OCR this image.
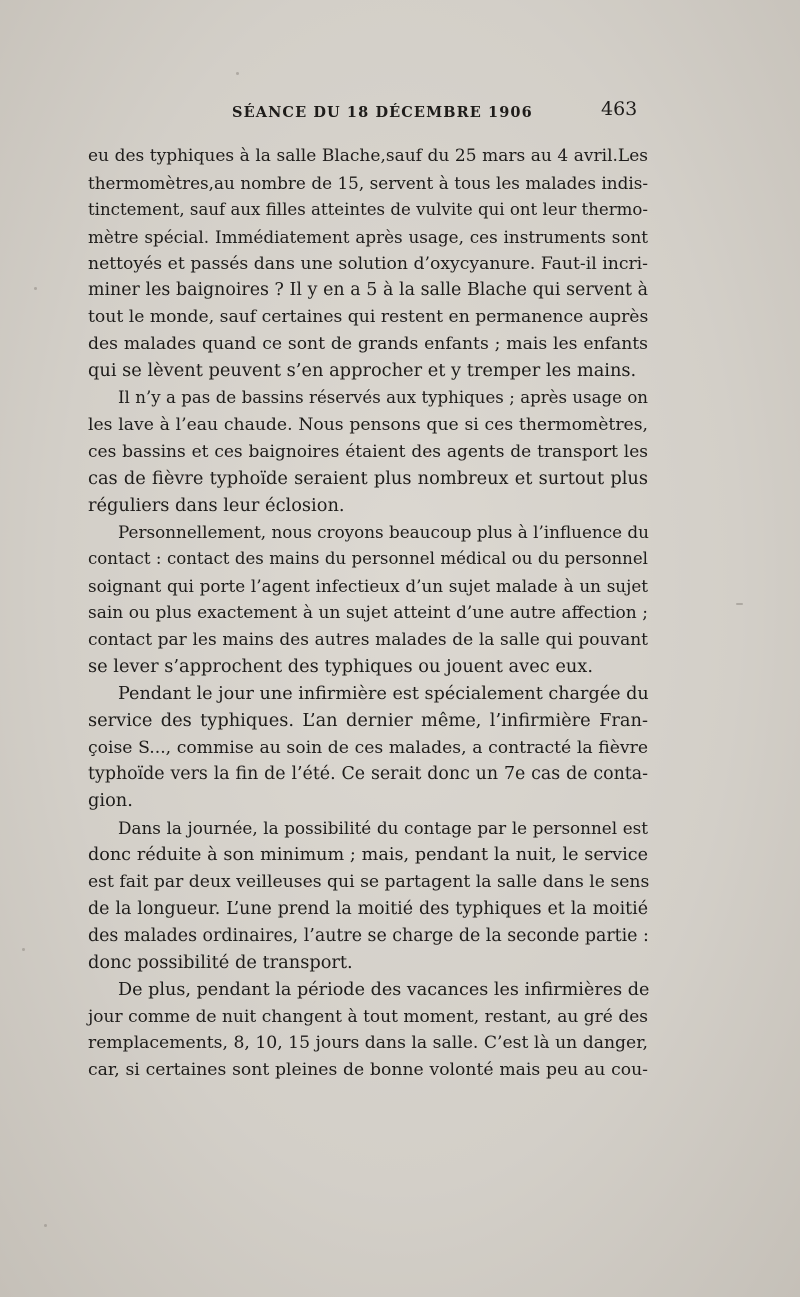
SÉANCE DU 18 DÉCEMBRE 1906	463
eu des typhiques à la salle Blache,sauf du 25 mars au 4 avril.Les
thermomètres,au nombre de 15, servent à tous les malades indis-
tinctement, sauf aux filles atteintes de vulvite qui ont leur thermo-
mètre spécial. Immédiatement après usage, ces instruments sont
nettoyés et passés dans une solution d’oxycyanure. Faut-il incri-
miner les baignoires ? Il y en a 5 à la salle Blache qui servent à
tout le monde, sauf certaines qui restent en permanence auprès
des malades quand ce sont de grands enfants ; mais les enfants
qui se lèvent peuvent s’en approcher et y tremper les mains.
Il n’y a pas de bassins réservés aux typhiques ; après usage on
les lave à l’eau chaude. Nous pensons que si ces thermomètres,
ces bassins et ces baignoires étaient des agents de transport les
cas de fièvre typhoïde seraient plus nombreux et surtout plus
réguliers dans leur éclosion.
Personnellement, nous croyons beaucoup plus à l’influence du
contact : contact des mains du personnel médical ou du personnel
soignant qui porte l’agent infectieux d’un sujet malade à un sujet
sain ou plus exactement à un sujet atteint d’une autre affection ;
contact par les mains des autres malades de la salle qui pouvant
se lever s’approchent des typhiques ou jouent avec eux.
Pendant le jour une infirmière est spécialement chargée du
service des typhiques. L’an dernier même, l’infirmière Fran-
çoise S..., commise au soin de ces malades, a contracté la fièvre
typhoïde vers la fin de l’été. Ce serait donc un 7e cas de conta-
gion.
Dans la journée, la possibilité du contage par le personnel est
donc réduite à son minimum ; mais, pendant la nuit, le service
est fait par deux veilleuses qui se partagent la salle dans le sens
de la longueur. L’une prend la moitié des typhiques et la moitié
des malades ordinaires, l’autre se charge de la seconde partie :
donc possibilité de transport.
De plus, pendant la période des vacances les infirmières de
jour comme de nuit changent à tout moment, restant, au gré des
remplacements, 8, 10, 15 jours dans la salle. C’est là un danger,
car, si certaines sont pleines de bonne volonté mais peu au cou-
